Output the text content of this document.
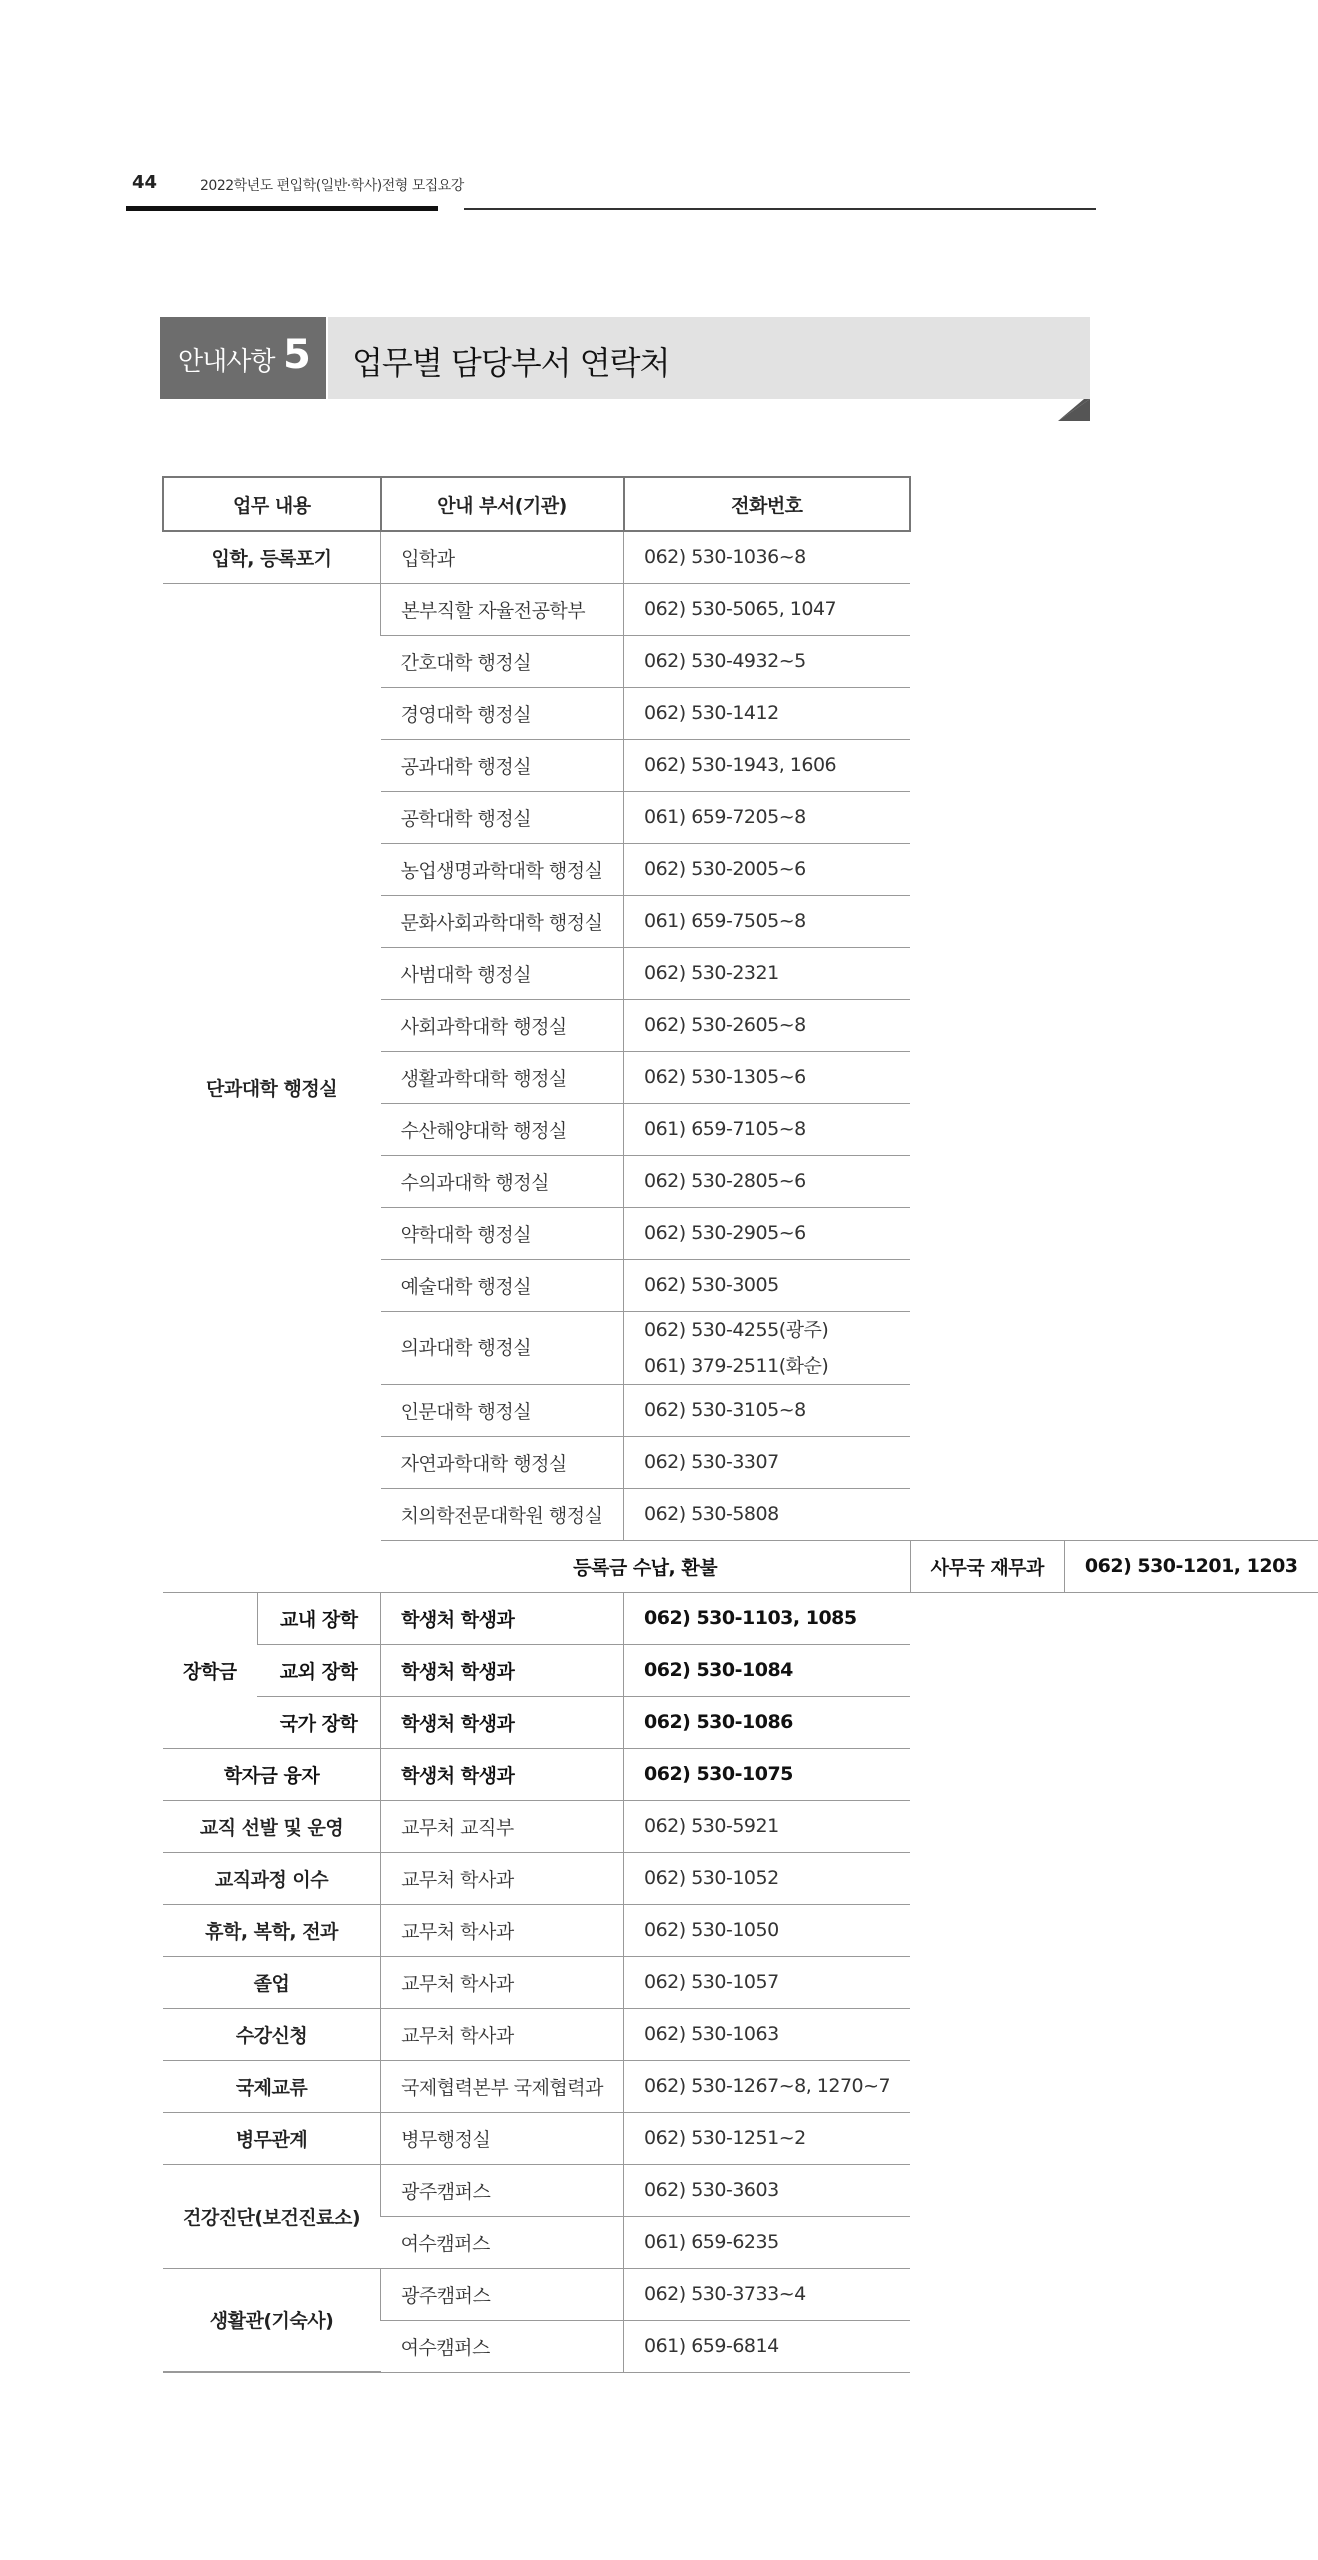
44	2022학년도 편입학(일반·학사)전형 모집요강
안내사항 5 업무별 담당부서 연락처
업무 내용		안내 부서(기관)	전화번호		
입학, 등록포기		입학과	062) 530-1036~8		
단과대학 행정실		본부직할 자율전공학부	062) 530-5065, 1047		
		간호대학 행정실	062) 530-4932~5		
		경영대학 행정실	062) 530-1412		
		공과대학 행정실	062) 530-1943, 1606		
		공학대학 행정실	061) 659-7205~8		
		농업생명과학대학 행정실	062) 530-2005~6		
		문화사회과학대학 행정실	061) 659-7505~8		
		사범대학 행정실	062) 530-2321		
		사회과학대학 행정실	062) 530-2605~8		
		생활과학대학 행정실	062) 530-1305~6		
		수산해양대학 행정실	061) 659-7105~8		
		수의과대학 행정실	062) 530-2805~6		
		약학대학 행정실	062) 530-2905~6		
		예술대학 행정실	062) 530-3005		
		의과대학 행정실	062) 530-4255(광주)
061) 379-2511(화순)		

		인문대학 행정실	062) 530-3105~8		
		자연과학대학 행정실	062) 530-3307		
		치의학전문대학원 행정실	062) 530-5808		
		등록금 수납, 환불		사무국 재무과	062) 530-1201, 1203
장학금	교내 장학	학생처 학생과	062) 530-1103, 1085		
	교외 장학	학생처 학생과	062) 530-1084		
	국가 장학	학생처 학생과	062) 530-1086		
학자금 융자		학생처 학생과	062) 530-1075		
교직 선발 및 운영		교무처 교직부	062) 530-5921		
교직과정 이수		교무처 학사과	062) 530-1052		
휴학, 복학, 전과		교무처 학사과	062) 530-1050		
졸업		교무처 학사과	062) 530-1057		
수강신청		교무처 학사과	062) 530-1063		
국제교류		국제협력본부 국제협력과	062) 530-1267~8, 1270~7		
병무관계		병무행정실	062) 530-1251~2		
건강진단(보건진료소)		광주캠퍼스	062) 530-3603		
		여수캠퍼스	061) 659-6235		
생활관(기숙사)		광주캠퍼스	062) 530-3733~4		
		여수캠퍼스	061) 659-6814		
